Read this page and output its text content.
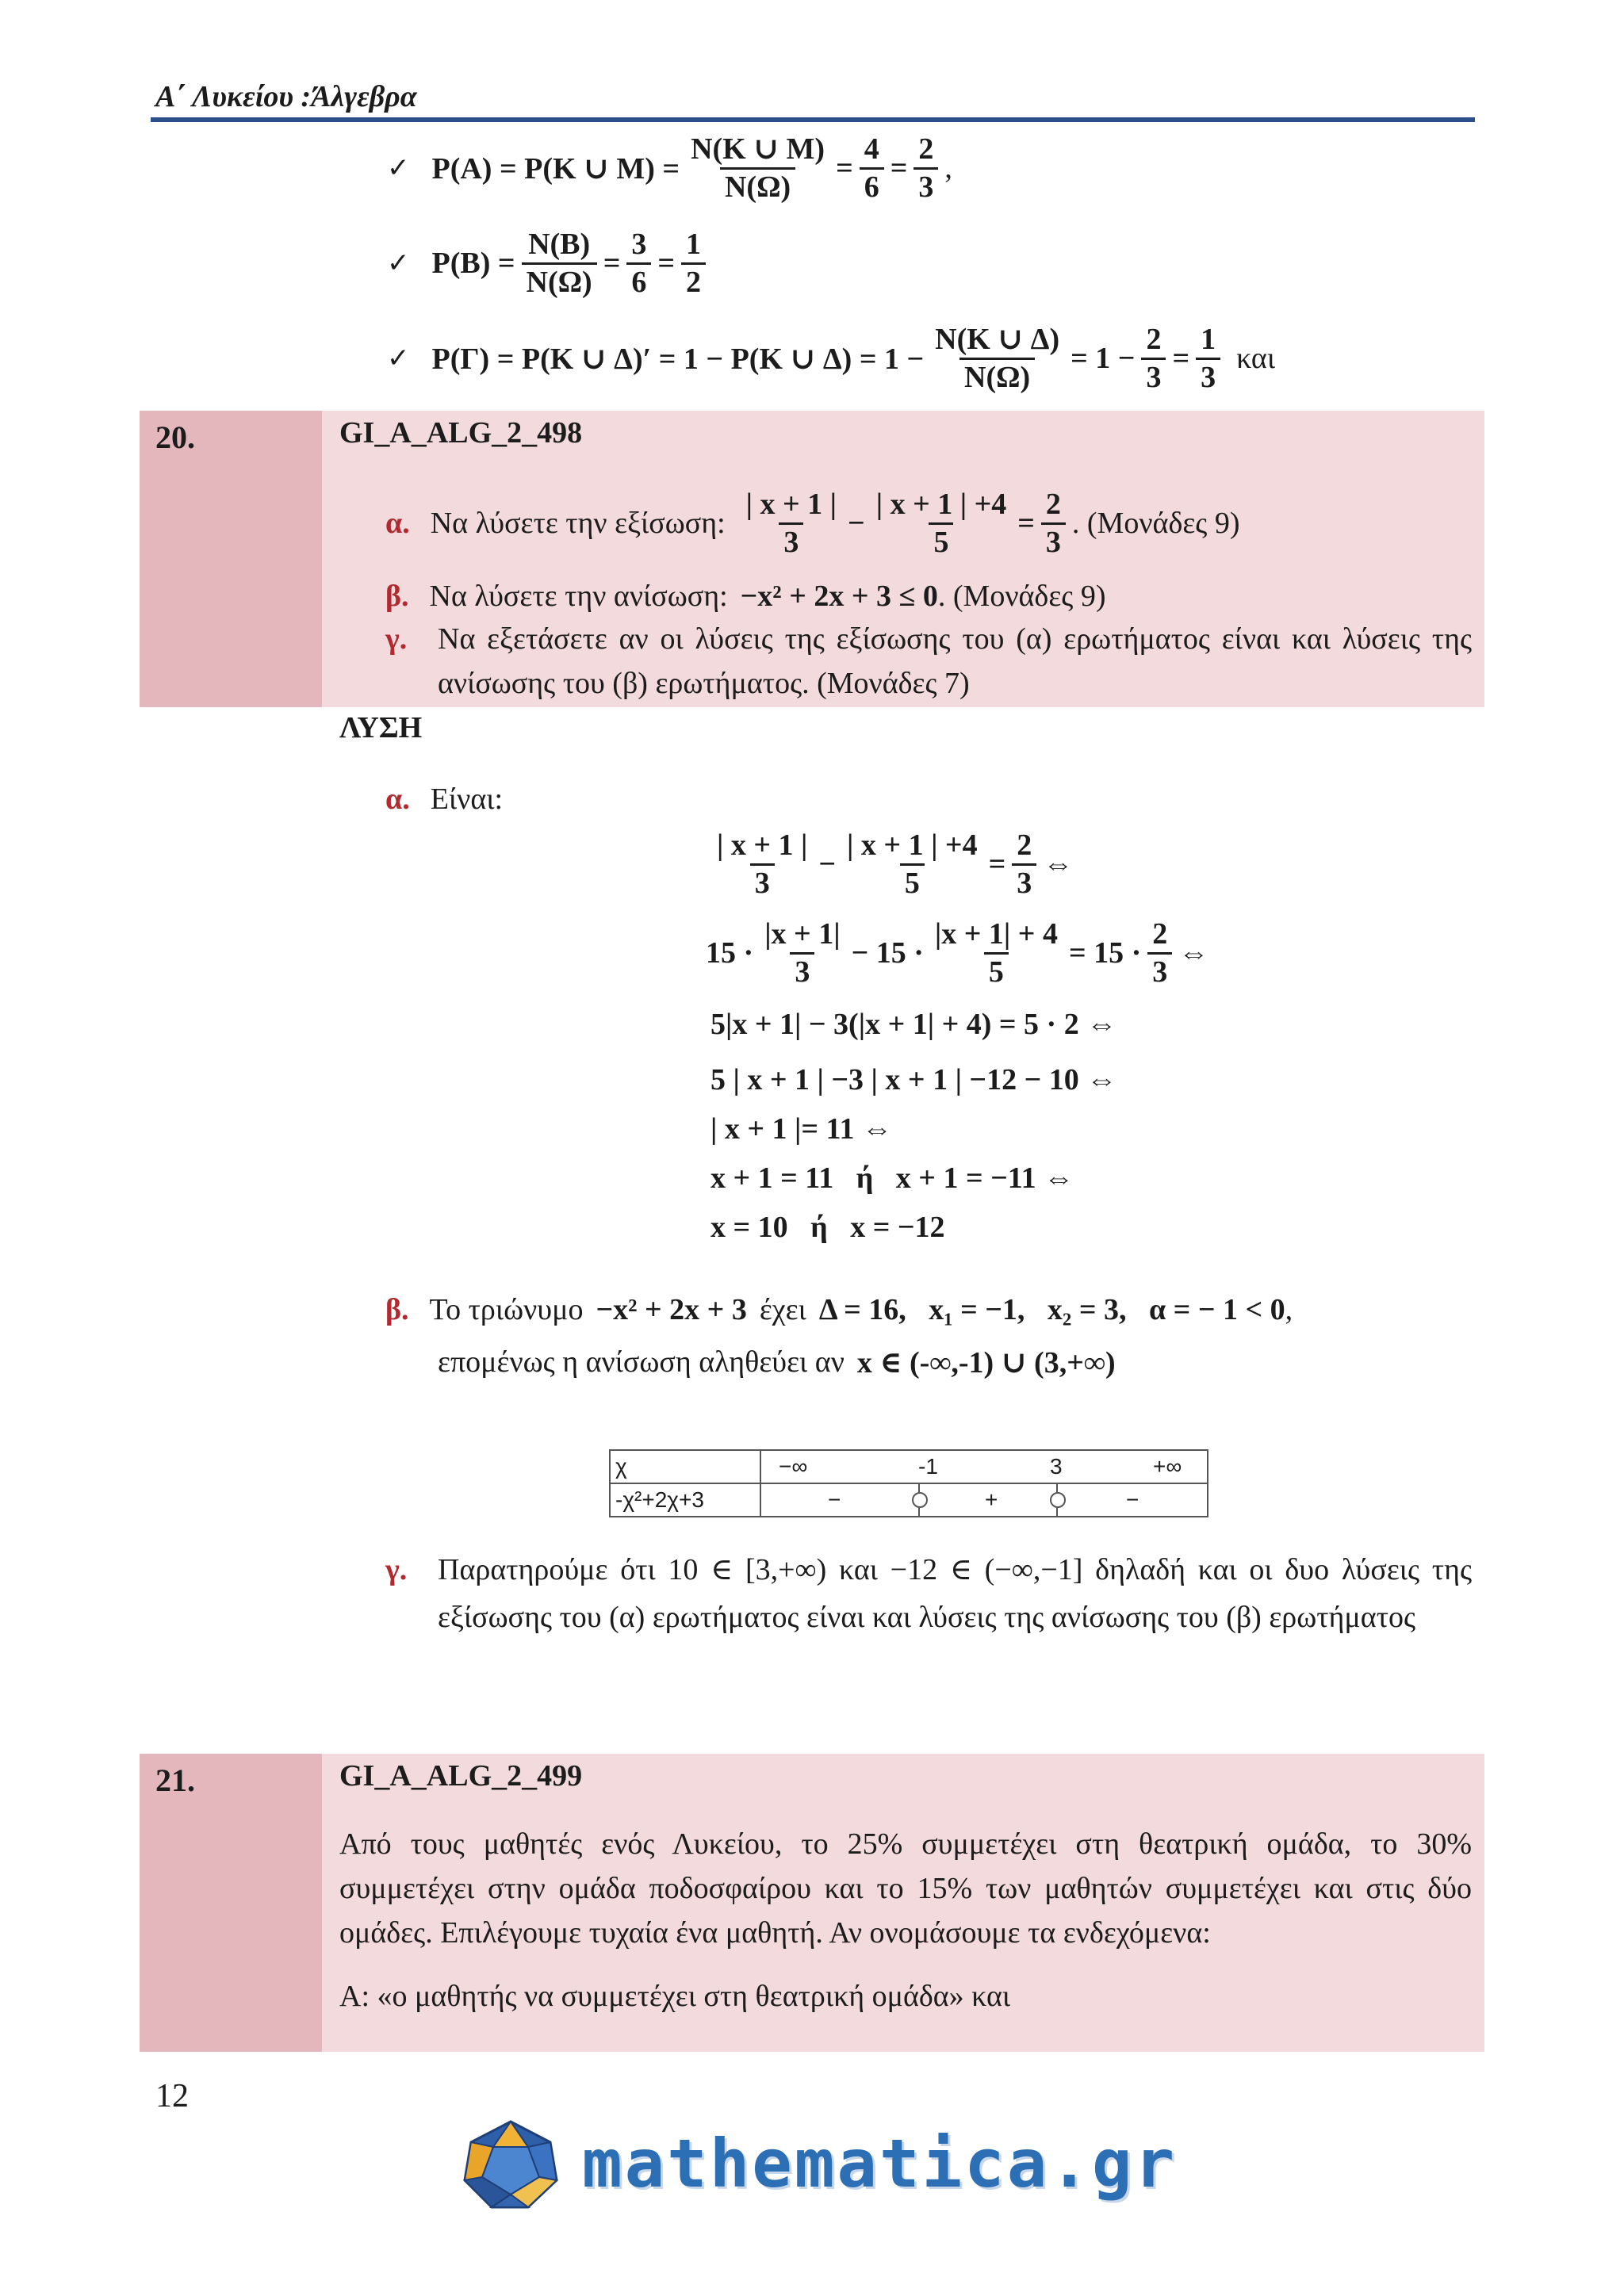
Α΄ Λυκείου :Άλγεβρα
✓ P(A) = P(K ∪ $M) = \frac{N(K \cup M)}{N(\Omega)} = \frac{4}{6} = \frac{2}{3}$ ,
✓ $P(B) = \frac{N(B)}{N(\Omega)} = \frac{3}{6} = \frac{1}{2}$
✓ P(Γ) = P(K ∪ Δ)′ = 1 − P(K ∪ $\Delta) = 1 - \frac{N(K \cup \Delta)}{N(\Omega)} = 1 - \frac{2}{3} = \frac{1}{3}$ και
20.	GI_A_ALG_2_498
α. Να λύσετε την εξίσωση: $\frac{| x + 1 |}{3} - \frac{| x + 1 | +4}{5} = \frac{2}{3}$ . (Μονάδες 9)
β. Να λύσετε την ανίσωση: −x² + 2x + 3 ≤ 0 . (Μονάδες 9)
γ. Να εξετάσετε αν οι λύσεις της εξίσωσης του (α) ερωτήματος είναι και λύσεις της ανίσωσης του (β) ερωτήματος. (Μονάδες 7)
ΛΥΣΗ
α. Είναι:
$\frac{| x + 1 |}{3} - \frac{| x + 1 | +4}{5} = \frac{2}{3}$ ⇔
$15 \cdot \frac{|x + 1|}{3} - 15 \cdot \frac{|x + 1| + 4}{5} = 15 \cdot \frac{2}{3}$ ⇔
5|x + 1| − 3(|x + 1| + 4) = 5 · 2 ⇔
5 | x + 1 | −3 | x + 1 | −12 − 10 ⇔
| x + 1 |= 11 ⇔
x + 1 = 11   ή   x + 1 = −11 ⇔
x = 10   ή   x = −12
β. Το τριώνυμο −x² + 2x + 3 έχει Δ = 16,   x₁ = −1,   x₂ = 3,   α = − 1 < 0 ,
επομένως η ανίσωση αληθεύει αν x ∈ (-∞,-1) ∪ (3,+∞)
χ	−∞ -1 3 +∞

-χ²+2χ+3	− + −
γ. Παρατηρούμε ότι 10 ∈ [3,+∞) και −12 ∈ (−∞,−1] δηλαδή και οι δυο λύσεις της εξίσωσης του (α) ερωτήματος είναι και λύσεις της ανίσωσης του (β) ερωτήματος
21.	GI_A_ALG_2_499
Από τους μαθητές ενός Λυκείου, το 25% συμμετέχει στη θεατρική ομάδα, το 30% συμμετέχει στην ομάδα ποδοσφαίρου και το 15% των μαθητών συμμετέχει και στις δύο ομάδες. Επιλέγουμε τυχαία ένα μαθητή. Αν ονομάσουμε τα ενδεχόμενα:
Α: «ο μαθητής να συμμετέχει στη θεατρική ομάδα» και
12
mathematica.gr
